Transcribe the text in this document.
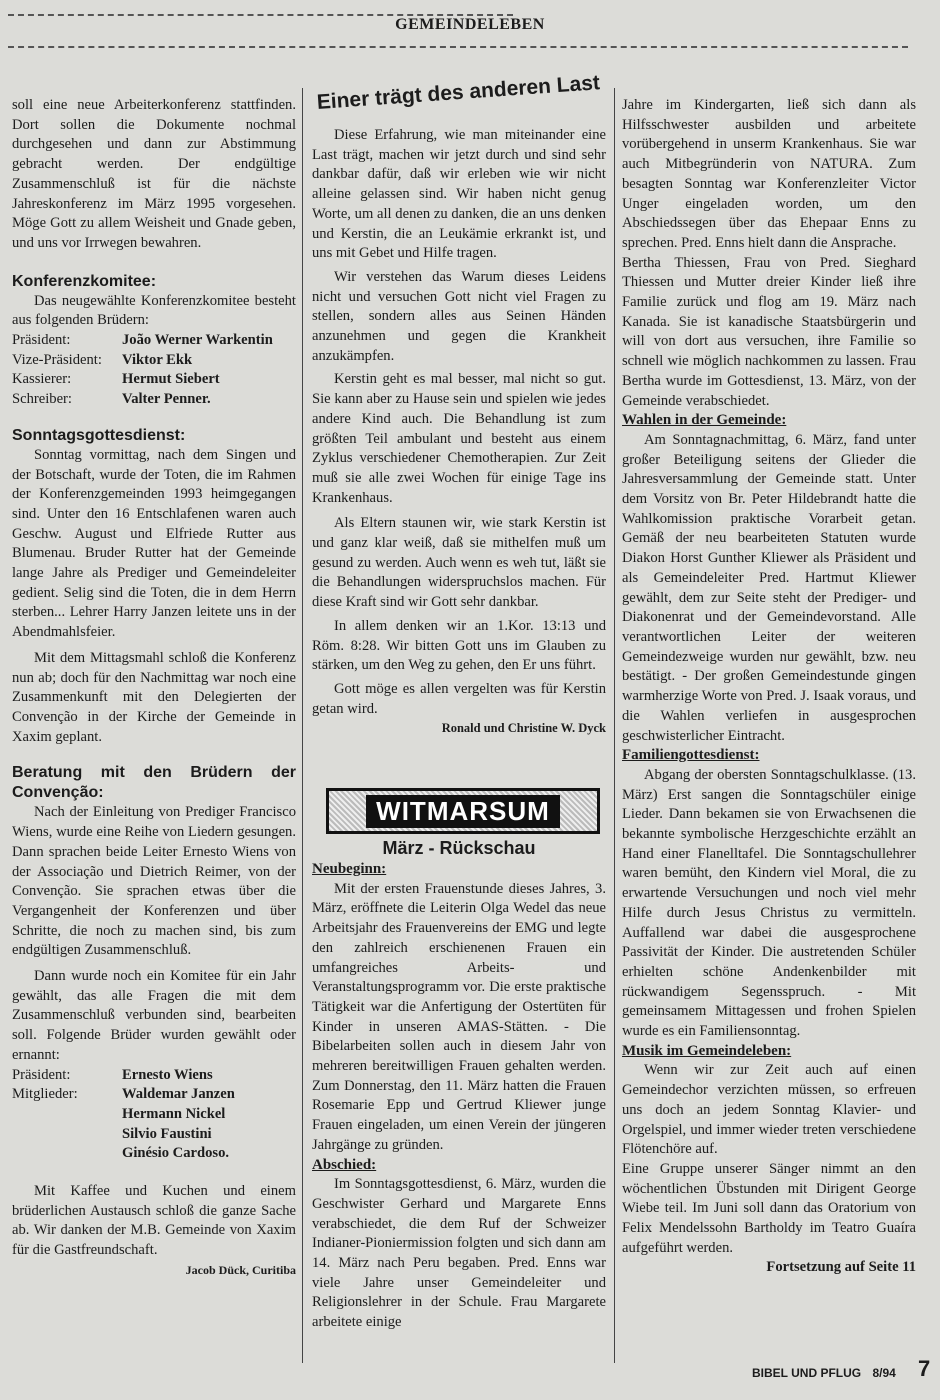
GEMEINDELEBEN

soll eine neue Arbeiterkonferenz stattfinden. Dort sollen die Dokumente nochmal durchgesehen und dann zur Abstimmung gebracht werden. Der endgültige Zusammenschluß ist für die nächste Jahreskonferenz im März 1995 vorgesehen. Möge Gott zu allem Weisheit und Gnade geben, und uns vor Irrwegen bewahren.

Konferenzkomitee:

Das neugewählte Konferenzkomitee besteht aus folgenden Brüdern:

Präsident:	João Werner Warkentin
Vize-Präsident:	Viktor Ekk
Kassierer:	Hermut Siebert
Schreiber:	Valter Penner.

Sonntagsgottesdienst:

Sonntag vormittag, nach dem Singen und der Botschaft, wurde der Toten, die im Rahmen der Konferenzgemeinden 1993 heimgegangen sind. Unter den 16 Entschlafenen waren auch Geschw. August und Elfriede Rutter aus Blumenau. Bruder Rutter hat der Gemeinde lange Jahre als Prediger und Gemeindeleiter gedient. Selig sind die Toten, die in dem Herrn sterben... Lehrer Harry Janzen leitete uns in der Abendmahlsfeier.

Mit dem Mittagsmahl schloß die Konferenz nun ab; doch für den Nachmittag war noch eine Zusammenkunft mit den Delegierten der Convenção in der Kirche der Gemeinde in Xaxim geplant.

Beratung mit den Brüdern der Convenção:

Nach der Einleitung von Prediger Francisco Wiens, wurde eine Reihe von Liedern gesungen. Dann sprachen beide Leiter Ernesto Wiens von der Associação und Dietrich Reimer, von der Convenção. Sie sprachen etwas über die Vergangenheit der Konferenzen und über Schritte, die noch zu machen sind, bis zum endgültigen Zusammenschluß.

Dann wurde noch ein Komitee für ein Jahr gewählt, das alle Fragen die mit dem Zusammenschluß verbunden sind, bearbeiten soll. Folgende Brüder wurden gewählt oder ernannt:

Präsident:	Ernesto Wiens
Mitglieder:	Waldemar Janzen
Hermann Nickel
Silvio Faustini
Ginésio Cardoso.

Mit Kaffee und Kuchen und einem brüderlichen Austausch schloß die ganze Sache ab. Wir danken der M.B. Gemeinde von Xaxim für die Gastfreundschaft.

Jacob Dück, Curitiba

Einer trägt des anderen Last

Diese Erfahrung, wie man miteinander eine Last trägt, machen wir jetzt durch und sind sehr dankbar dafür, daß wir erleben wie wir nicht alleine gelassen sind. Wir haben nicht genug Worte, um all denen zu danken, die an uns denken und Kerstin, die an Leukämie erkrankt ist, und uns mit Gebet und Hilfe tragen.

Wir verstehen das Warum dieses Leidens nicht und versuchen Gott nicht viel Fragen zu stellen, sondern alles aus Seinen Händen anzunehmen und gegen die Krankheit anzukämpfen.

Kerstin geht es mal besser, mal nicht so gut. Sie kann aber zu Hause sein und spielen wie jedes andere Kind auch. Die Behandlung ist zum größten Teil ambulant und besteht aus einem Zyklus verschiedener Chemotherapien. Zur Zeit muß sie alle zwei Wochen für einige Tage ins Krankenhaus.

Als Eltern staunen wir, wie stark Kerstin ist und ganz klar weiß, daß sie mithelfen muß um gesund zu werden. Auch wenn es weh tut, läßt sie die Behandlungen widerspruchslos machen. Für diese Kraft sind wir Gott sehr dankbar.

In allem denken wir an 1.Kor. 13:13 und Röm. 8:28. Wir bitten Gott uns im Glauben zu stärken, um den Weg zu gehen, den Er uns führt.

Gott möge es allen vergelten was für Kerstin getan wird.

Ronald und Christine W. Dyck

WITMARSUM

März - Rückschau

Neubeginn:

Mit der ersten Frauenstunde dieses Jahres, 3. März, eröffnete die Leiterin Olga Wedel das neue Arbeitsjahr des Frauenvereins der EMG und legte den zahlreich erschienenen Frauen ein umfangreiches Arbeits- und Veranstaltungsprogramm vor. Die erste praktische Tätigkeit war die Anfertigung der Ostertüten für Kinder in unseren AMAS-Stätten. - Die Bibelarbeiten sollen auch in diesem Jahr von mehreren bereitwilligen Frauen gehalten werden. Zum Donnerstag, den 11. März hatten die Frauen Rosemarie Epp und Gertrud Kliewer junge Frauen eingeladen, um einen Verein der jüngeren Jahrgänge zu gründen.

Abschied:

Im Sonntagsgottesdienst, 6. März, wurden die Geschwister Gerhard und Margarete Enns verabschiedet, die dem Ruf der Schweizer Indianer-Pioniermission folgten und sich dann am 14. März nach Peru begaben. Pred. Enns war viele Jahre unser Gemeindeleiter und Religionslehrer in der Schule. Frau Margarete arbeitete einige

Jahre im Kindergarten, ließ sich dann als Hilfsschwester ausbilden und arbeitete vorübergehend in unserm Krankenhaus. Sie war auch Mitbegründerin von NATURA. Zum besagten Sonntag war Konferenzleiter Victor Unger eingeladen worden, um den Abschiedssegen über das Ehepaar Enns zu sprechen. Pred. Enns hielt dann die Ansprache.

Bertha Thiessen, Frau von Pred. Sieghard Thiessen und Mutter dreier Kinder ließ ihre Familie zurück und flog am 19. März nach Kanada. Sie ist kanadische Staatsbürgerin und will von dort aus versuchen, ihre Familie so schnell wie möglich nachkommen zu lassen. Frau Bertha wurde im Gottesdienst, 13. März, von der Gemeinde verabschiedet.

Wahlen in der Gemeinde:

Am Sonntagnachmittag, 6. März, fand unter großer Beteiligung seitens der Glieder die Jahresversammlung der Gemeinde statt. Unter dem Vorsitz von Br. Peter Hildebrandt hatte die Wahlkomission praktische Vorarbeit getan. Gemäß der neu bearbeiteten Statuten wurde Diakon Horst Gunther Kliewer als Präsident und als Gemeindeleiter Pred. Hartmut Kliewer gewählt, dem zur Seite steht der Prediger- und Diakonenrat und der Gemeindevorstand. Alle verantwortlichen Leiter der weiteren Gemeindezweige wurden nur gewählt, bzw. neu bestätigt. - Der großen Gemeindestunde gingen warmherzige Worte von Pred. J. Isaak voraus, und die Wahlen verliefen in ausgesprochen geschwisterlicher Eintracht.

Familiengottesdienst:

Abgang der obersten Sonntagschulklasse. (13. März) Erst sangen die Sonntagschüler einige Lieder. Dann bekamen sie von Erwachsenen die bekannte symbolische Herzgeschichte erzählt an Hand einer Flanelltafel. Die Sonntagschullehrer waren bemüht, den Kindern viel Moral, die zu erwartende Versuchungen und noch viel mehr Hilfe durch Jesus Christus zu vermitteln. Auffallend war dabei die ausgesprochene Passivität der Kinder. Die austretenden Schüler erhielten schöne Andenkenbilder mit rückwandigem Segensspruch. - Mit gemeinsamem Mittagessen und frohen Spielen wurde es ein Familiensonntag.

Musik im Gemeindeleben:

Wenn wir zur Zeit auch auf einen Gemeindechor verzichten müssen, so erfreuen uns doch an jedem Sonntag Klavier- und Orgelspiel, und immer wieder treten verschiedene Flötenchöre auf.

Eine Gruppe unserer Sänger nimmt an den wöchentlichen Übstunden mit Dirigent George Wiebe teil. Im Juni soll dann das Oratorium von Felix Mendelssohn Bartholdy im Teatro Guaíra aufgeführt werden.

Fortsetzung auf Seite 11

BIBEL UND PFLUG 8/94 7
